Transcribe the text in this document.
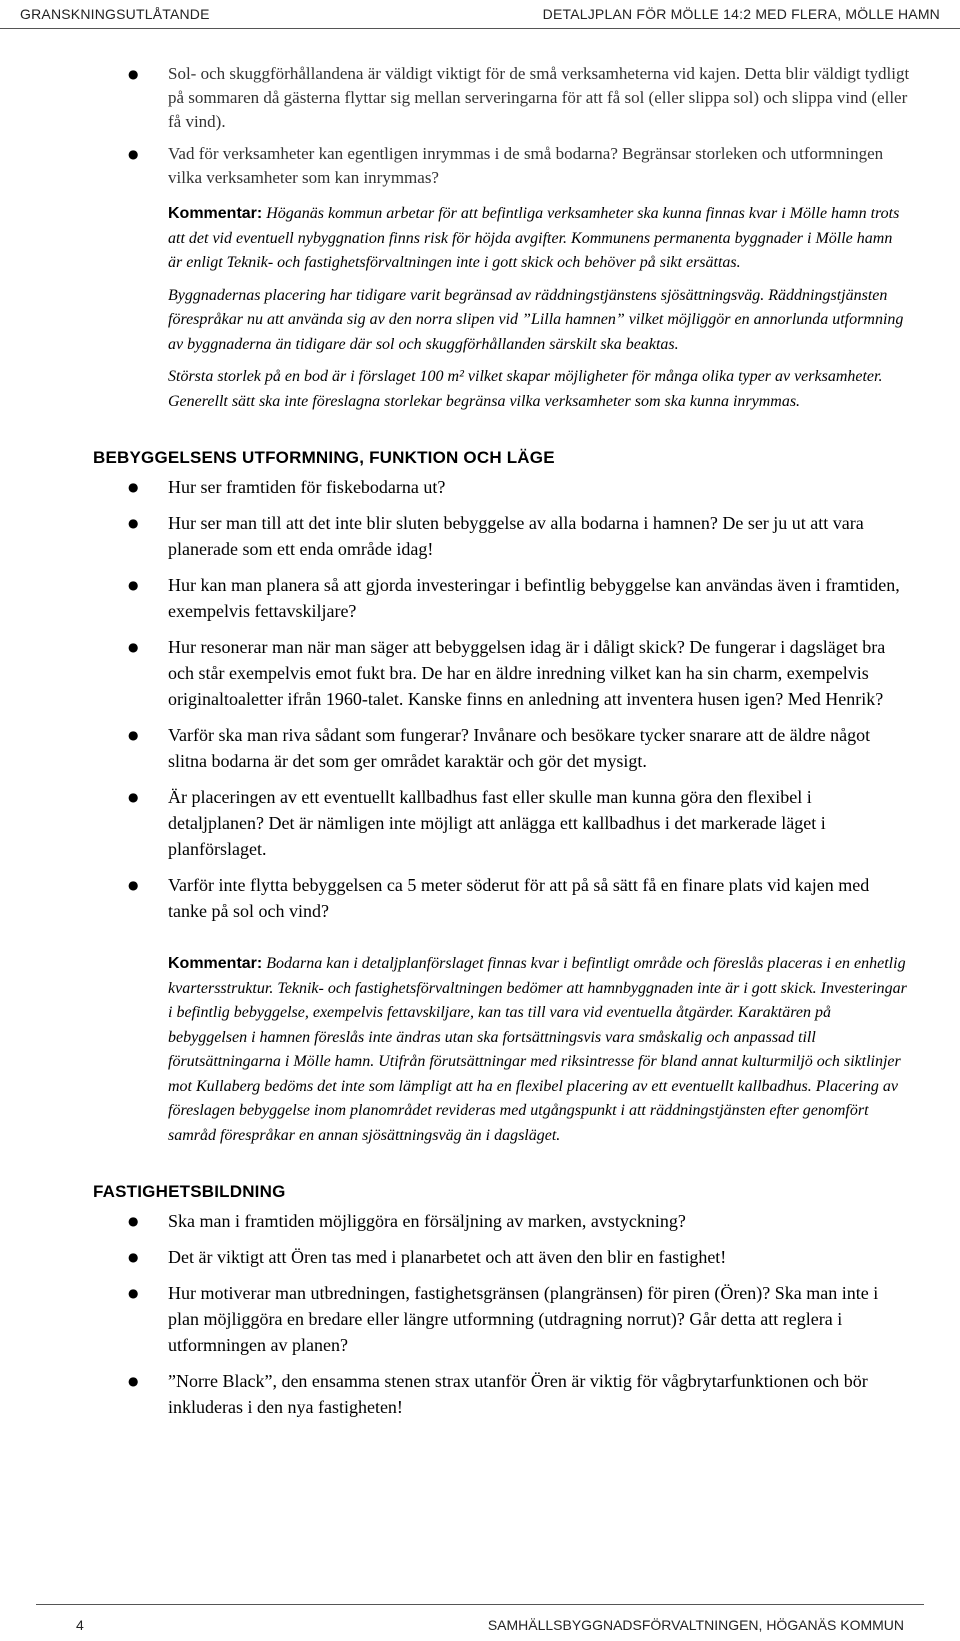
GRANSKNINGSUTLÅTANDE	DETALJPLAN FÖR MÖLLE 14:2 MED FLERA, MÖLLE HAMN
● Sol- och skuggförhållandena är väldigt viktigt för de små verksamheterna vid kajen. Detta blir väldigt tydligt på sommaren då gästerna flyttar sig mellan serveringarna för att få sol (eller slippa sol) och slippa vind (eller få vind).
● Vad för verksamheter kan egentligen inrymmas i de små bodarna? Begränsar storleken och utformningen vilka verksamheter som kan inrymmas?

Kommentar: Höganäs kommun arbetar för att befintliga verksamheter ska kunna finnas kvar i Mölle hamn trots att det vid eventuell nybyggnation finns risk för höjda avgifter. Kommunens permanenta byggnader i Mölle hamn är enligt Teknik- och fastighetsförvaltningen inte i gott skick och behöver på sikt ersättas.

Byggnadernas placering har tidigare varit begränsad av räddningstjänstens sjösättningsväg. Räddningstjänsten förespråkar nu att använda sig av den norra slipen vid ”Lilla hamnen” vilket möjliggör en annorlunda utformning av byggnaderna än tidigare där sol och skuggförhållanden särskilt ska beaktas.

Största storlek på en bod är i förslaget 100 m² vilket skapar möjligheter för många olika typer av verksamheter. Generellt sätt ska inte föreslagna storlekar begränsa vilka verksamheter som ska kunna inrymmas.

BEBYGGELSENS UTFORMNING, FUNKTION OCH LÄGE
● Hur ser framtiden för fiskebodarna ut?
● Hur ser man till att det inte blir sluten bebyggelse av alla bodarna i hamnen? De ser ju ut att vara planerade som ett enda område idag!
● Hur kan man planera så att gjorda investeringar i befintlig bebyggelse kan användas även i framtiden, exempelvis fettavskiljare?
● Hur resonerar man när man säger att bebyggelsen idag är i dåligt skick? De fungerar i dagsläget bra och står exempelvis emot fukt bra. De har en äldre inredning vilket kan ha sin charm, exempelvis originaltoaletter ifrån 1960-talet. Kanske finns en anledning att inventera husen igen? Med Henrik?
● Varför ska man riva sådant som fungerar? Invånare och besökare tycker snarare att de äldre något slitna bodarna är det som ger området karaktär och gör det mysigt.
● Är placeringen av ett eventuellt kallbadhus fast eller skulle man kunna göra den flexibel i detaljplanen? Det är nämligen inte möjligt att anlägga ett kallbadhus i det markerade läget i planförslaget.
● Varför inte flytta bebyggelsen ca 5 meter söderut för att på så sätt få en finare plats vid kajen med tanke på sol och vind?

Kommentar: Bodarna kan i detaljplanförslaget finnas kvar i befintligt område och föreslås placeras i en enhetlig kvartersstruktur. Teknik- och fastighetsförvaltningen bedömer att hamnbyggnaden inte är i gott skick. Investeringar i befintlig bebyggelse, exempelvis fettavskiljare, kan tas till vara vid eventuella åtgärder. Karaktären på bebyggelsen i hamnen föreslås inte ändras utan ska fortsättningsvis vara småskalig och anpassad till förutsättningarna i Mölle hamn. Utifrån förutsättningar med riksintresse för bland annat kulturmiljö och siktlinjer mot Kullaberg bedöms det inte som lämpligt att ha en flexibel placering av ett eventuellt kallbadhus. Placering av föreslagen bebyggelse inom planområdet revideras med utgångspunkt i att räddningstjänsten efter genomfört samråd förespråkar en annan sjösättningsväg än i dagsläget.

FASTIGHETSBILDNING
● Ska man i framtiden möjliggöra en försäljning av marken, avstyckning?
● Det är viktigt att Ören tas med i planarbetet och att även den blir en fastighet!
● Hur motiverar man utbredningen, fastighetsgränsen (plangränsen) för piren (Ören)? Ska man inte i plan möjliggöra en bredare eller längre utformning (utdragning norrut)? Går detta att reglera i utformningen av planen?
● ”Norre Black”, den ensamma stenen strax utanför Ören är viktig för vågbrytarfunktionen och bör inkluderas i den nya fastigheten!
4	SAMHÄLLSBYGGNADSFÖRVALTNINGEN, HÖGANÄS KOMMUN
